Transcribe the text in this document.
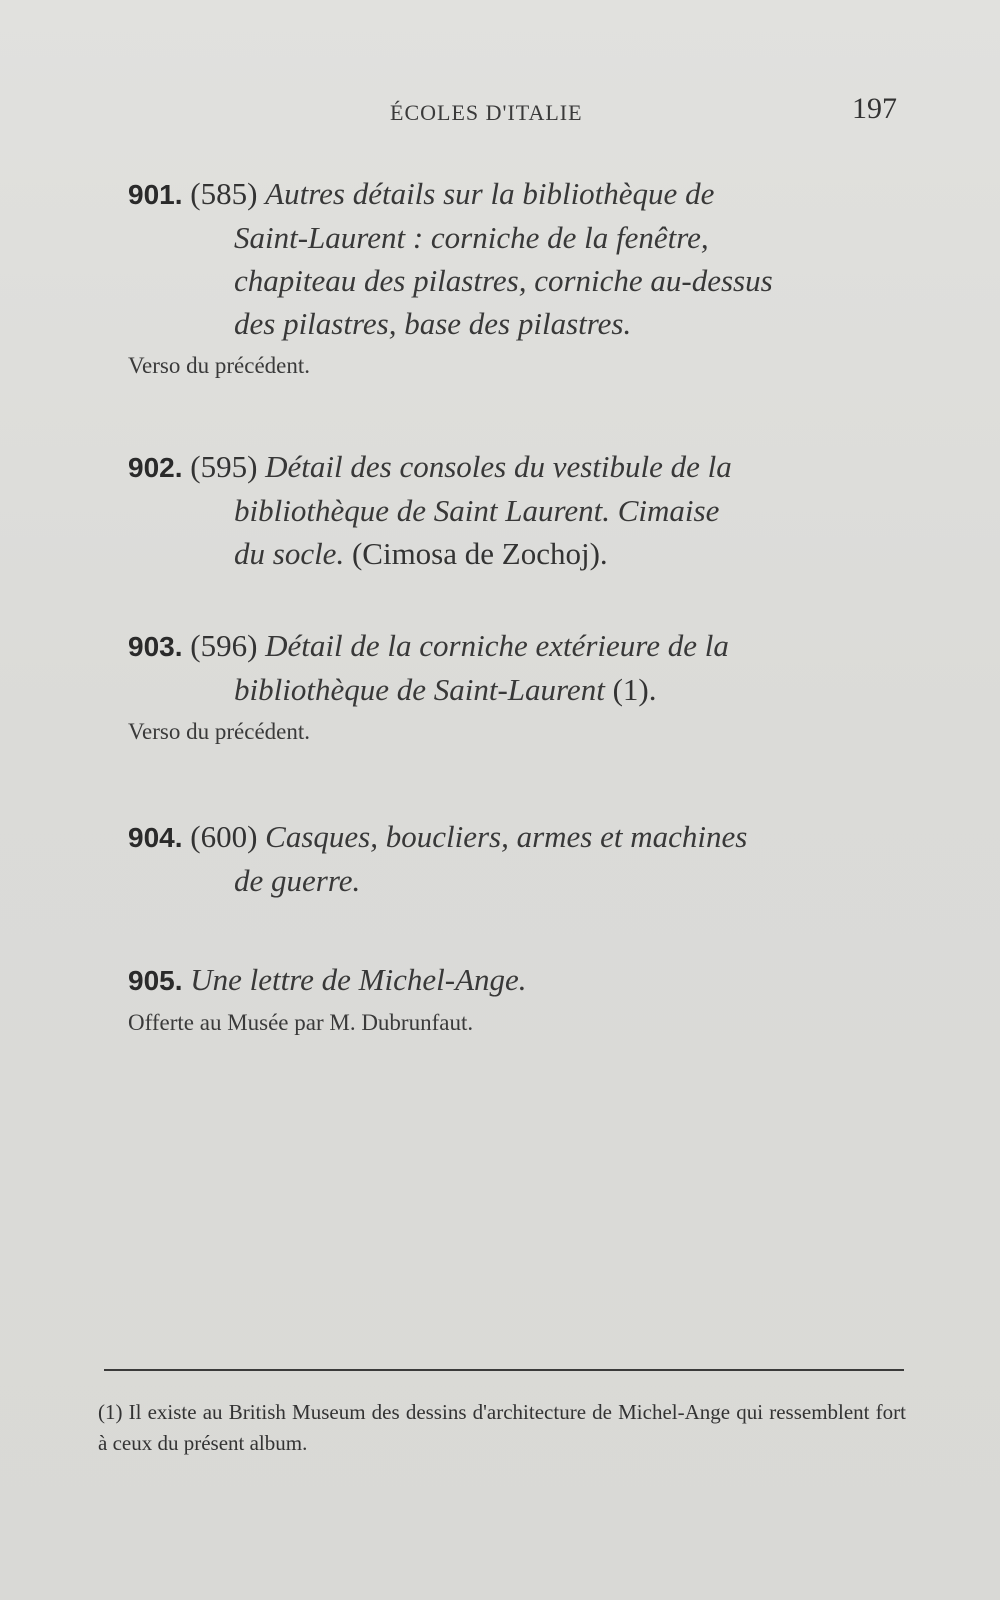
ÉCOLES D'ITALIE	197
901. (585) Autres détails sur la bibliothèque de
Saint-Laurent : corniche de la fenêtre,
chapiteau des pilastres, corniche au-dessus
des pilastres, base des pilastres.
Verso du précédent.
902. (595) Détail des consoles du vestibule de la
bibliothèque de Saint Laurent. Cimaise
du socle. (Cimosa de Zochoj).
903. (596) Détail de la corniche extérieure de la
bibliothèque de Saint-Laurent (1).
Verso du précédent.
904. (600) Casques, boucliers, armes et machines
de guerre.
905. Une lettre de Michel-Ange.
Offerte au Musée par M. Dubrunfaut.
(1) Il existe au British Museum des dessins d'architecture de Michel-Ange qui ressemblent fort à ceux du présent album.
